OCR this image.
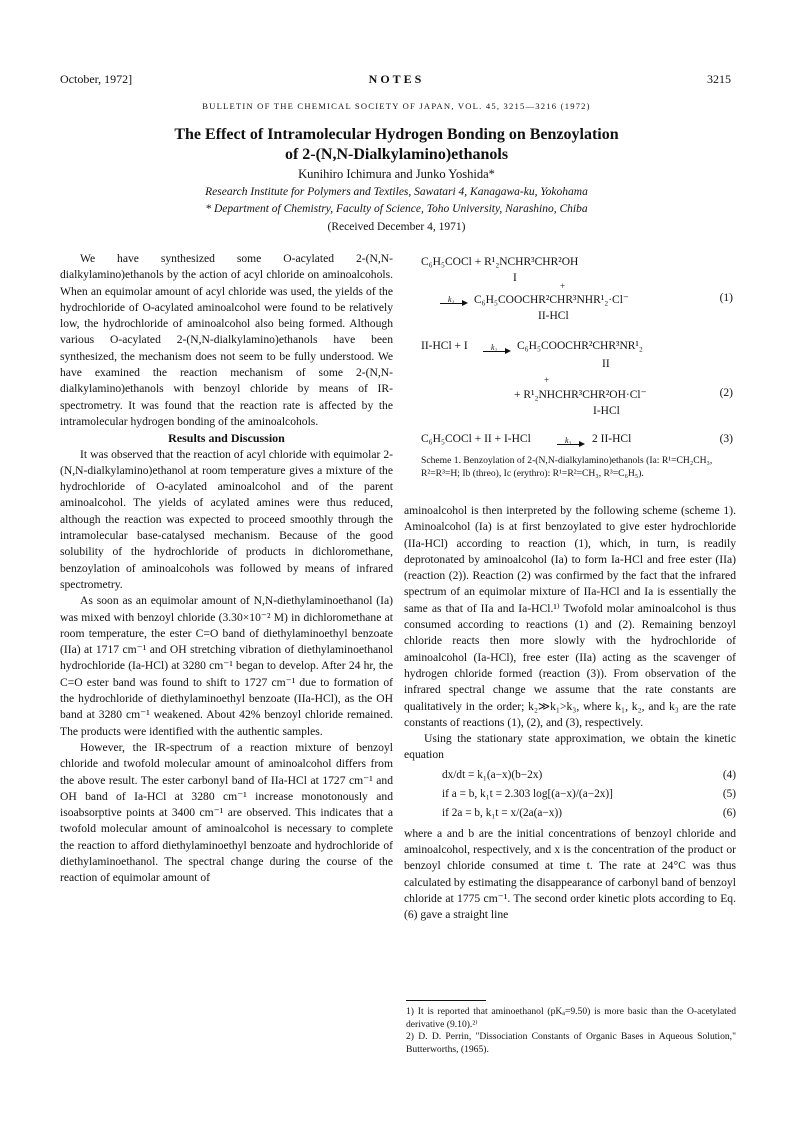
October, 1972]	NOTES	3215
BULLETIN OF THE CHEMICAL SOCIETY OF JAPAN, VOL. 45, 3215—3216 (1972)
The Effect of Intramolecular Hydrogen Bonding on Benzoylation
of 2-(N,N-Dialkylamino)ethanols
Kunihiro Ichimura and Junko Yoshida*
Research Institute for Polymers and Textiles, Sawatari 4, Kanagawa-ku, Yokohama
* Department of Chemistry, Faculty of Science, Toho University, Narashino, Chiba
(Received December 4, 1971)

We have synthesized some O-acylated 2-(N,N-dialkylamino)ethanols by the action of acyl chloride on aminoalcohols. When an equimolar amount of acyl chloride was used, the yields of the hydrochloride of O-acylated aminoalcohol were found to be relatively low, the hydrochloride of aminoalcohol also being formed. Although various O-acylated 2-(N,N-dialkylamino)ethanols have been synthesized, the mechanism does not seem to be fully understood. We have examined the reaction mechanism of some 2-(N,N-dialkylamino)ethanols with benzoyl chloride by means of IR-spectrometry. It was found that the reaction rate is affected by the intramolecular hydrogen bonding of the aminoalcohols.

Results and Discussion

It was observed that the reaction of acyl chloride with equimolar 2-(N,N-dialkylamino)ethanol at room temperature gives a mixture of the hydrochloride of O-acylated aminoalcohol and of the parent aminoalcohol. The yields of acylated amines were thus reduced, although the reaction was expected to proceed smoothly through the intramolecular base-catalysed mechanism. Because of the good solubility of the hydrochloride of products in dichloromethane, benzoylation of aminoalcohols was followed by means of infrared spectrometry.

As soon as an equimolar amount of N,N-diethylaminoethanol (Ia) was mixed with benzoyl chloride (3.30×10⁻² M) in dichloromethane at room temperature, the ester C=O band of diethylaminoethyl benzoate (IIa) at 1717 cm⁻¹ and OH stretching vibration of diethylaminoethanol hydrochloride (Ia-HCl) at 3280 cm⁻¹ began to develop. After 24 hr, the C=O ester band was found to shift to 1727 cm⁻¹ due to formation of the hydrochloride of diethylaminoethyl benzoate (IIa-HCl), as the OH band at 3280 cm⁻¹ weakened. About 42% benzoyl chloride remained. The products were identified with the authentic samples.

However, the IR-spectrum of a reaction mixture of benzoyl chloride and twofold molecular amount of aminoalcohol differs from the above result. The ester carbonyl band of IIa-HCl at 1727 cm⁻¹ and OH band of Ia-HCl at 3280 cm⁻¹ increase monotonously and isoabsorptive points at 3400 cm⁻¹ are observed. This indicates that a twofold molecular amount of aminoalcohol is necessary to complete the reaction to afford diethylaminoethyl benzoate and hydrochloride of diethylaminoethanol. The spectral change during the course of the reaction of equimolar amount of

C₆H₅COCl + R¹₂NCHR³CHR²OH
I
k₁
+
C₆H₅COOCHR²CHR³NHR¹₂·Cl⁻
II-HCl
(1)
II-HCl + I	k₂ C₆H₅COOCHR²CHR³NR¹₂
II
+
+ R¹₂NHCHR³CHR²OH·Cl⁻
I-HCl
(2)
C₆H₅COCl + II + I-HCl	k₃ 2 II-HCl	(3)
Scheme 1. Benzoylation of 2-(N,N-dialkylamino)ethanols (Ia: R¹=CH₂CH₃, R²=R³=H; Ib (threo), Ic (erythro): R¹=R²=CH₃, R³=C₆H₅).

aminoalcohol is then interpreted by the following scheme (scheme 1). Aminoalcohol (Ia) is at first benzoylated to give ester hydrochloride (IIa-HCl) according to reaction (1), which, in turn, is readily deprotonated by aminoalcohol (Ia) to form Ia-HCl and free ester (IIa) (reaction (2)). Reaction (2) was confirmed by the fact that the infrared spectrum of an equimolar mixture of IIa-HCl and Ia is essentially the same as that of IIa and Ia-HCl.¹⁾ Twofold molar aminoalcohol is thus consumed according to reactions (1) and (2). Remaining benzoyl chloride reacts then more slowly with the hydrochloride of aminoalcohol (Ia-HCl), free ester (IIa) acting as the scavenger of hydrogen chloride formed (reaction (3)). From observation of the infrared spectral change we assume that the rate constants are qualitatively in the order; k₂≫k₁>k₃, where k₁, k₂, and k₃ are the rate constants of reactions (1), (2), and (3), respectively.

Using the stationary state approximation, we obtain the kinetic equation

dx/dt = k₁(a−x)(b−2x)	(4)
if a = b, k₁t = 2.303 log[(a−x)/(a−2x)]	(5)
if 2a = b, k₁t = x/(2a(a−x))	(6)

where a and b are the initial concentrations of benzoyl chloride and aminoalcohol, respectively, and x is the concentration of the product or benzoyl chloride consumed at time t. The rate at 24°C was thus calculated by estimating the disappearance of carbonyl band of benzoyl chloride at 1775 cm⁻¹. The second order kinetic plots according to Eq. (6) gave a straight line

1) It is reported that aminoethanol (pKₐ=9.50) is more basic than the O-acetylated derivative (9.10).²⁾
2) D. D. Perrin, "Dissociation Constants of Organic Bases in Aqueous Solution," Butterworths, (1965).
